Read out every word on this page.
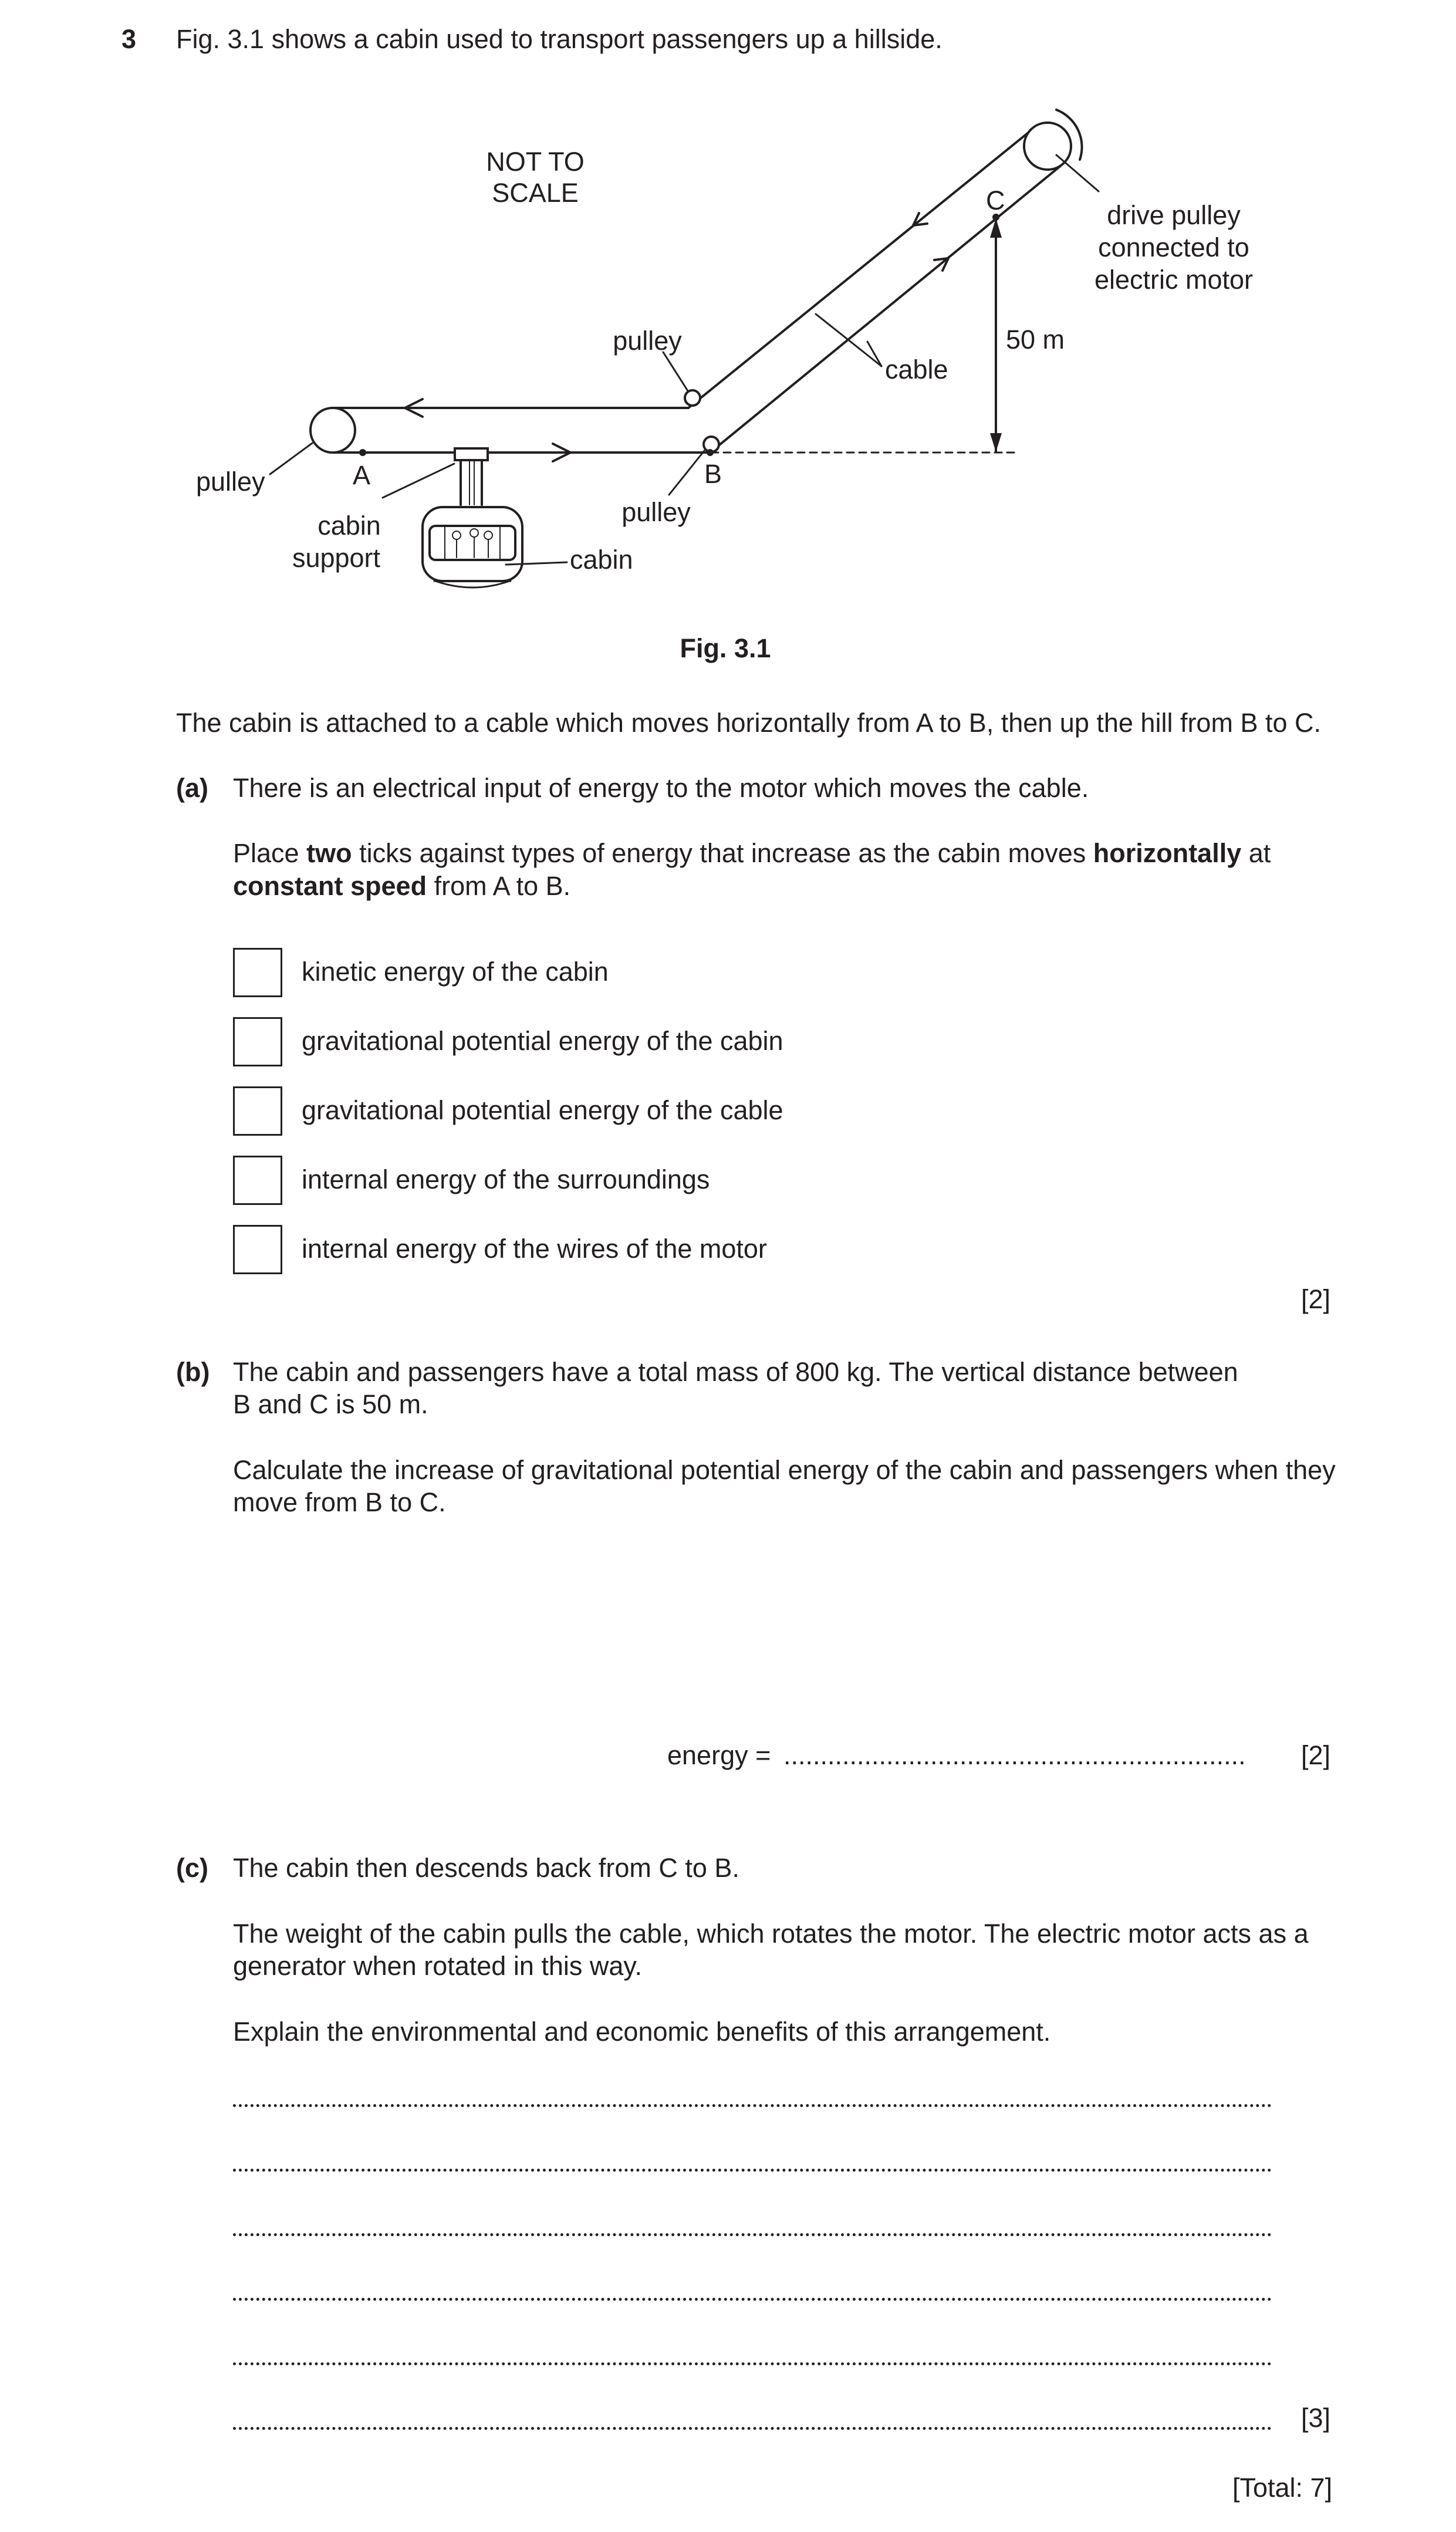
3 Fig. 3.1 shows a cabin used to transport passengers up a hillside.
NOT TO
SCALE
pulley
cable
C
50 m
drive pulley
connected to
electric motor
pulley	A	B
pulley
cabin
support	cabin
Fig. 3.1
The cabin is attached to a cable which moves horizontally from A to B, then up the hill from B to C.
(a) There is an electrical input of energy to the motor which moves the cable.
Place two ticks against types of energy that increase as the cabin moves horizontally at
constant speed from A to B.
kinetic energy of the cabin
gravitational potential energy of the cabin
gravitational potential energy of the cable
internal energy of the surroundings
internal energy of the wires of the motor
[2]
(b) The cabin and passengers have a total mass of 800 kg. The vertical distance between
B and C is 50 m.
Calculate the increase of gravitational potential energy of the cabin and passengers when they
move from B to C.
energy = ............................................................... [2]
(c) The cabin then descends back from C to B.
The weight of the cabin pulls the cable, which rotates the motor. The electric motor acts as a
generator when rotated in this way.
Explain the environmental and economic benefits of this arrangement.
[3]
[Total: 7]
